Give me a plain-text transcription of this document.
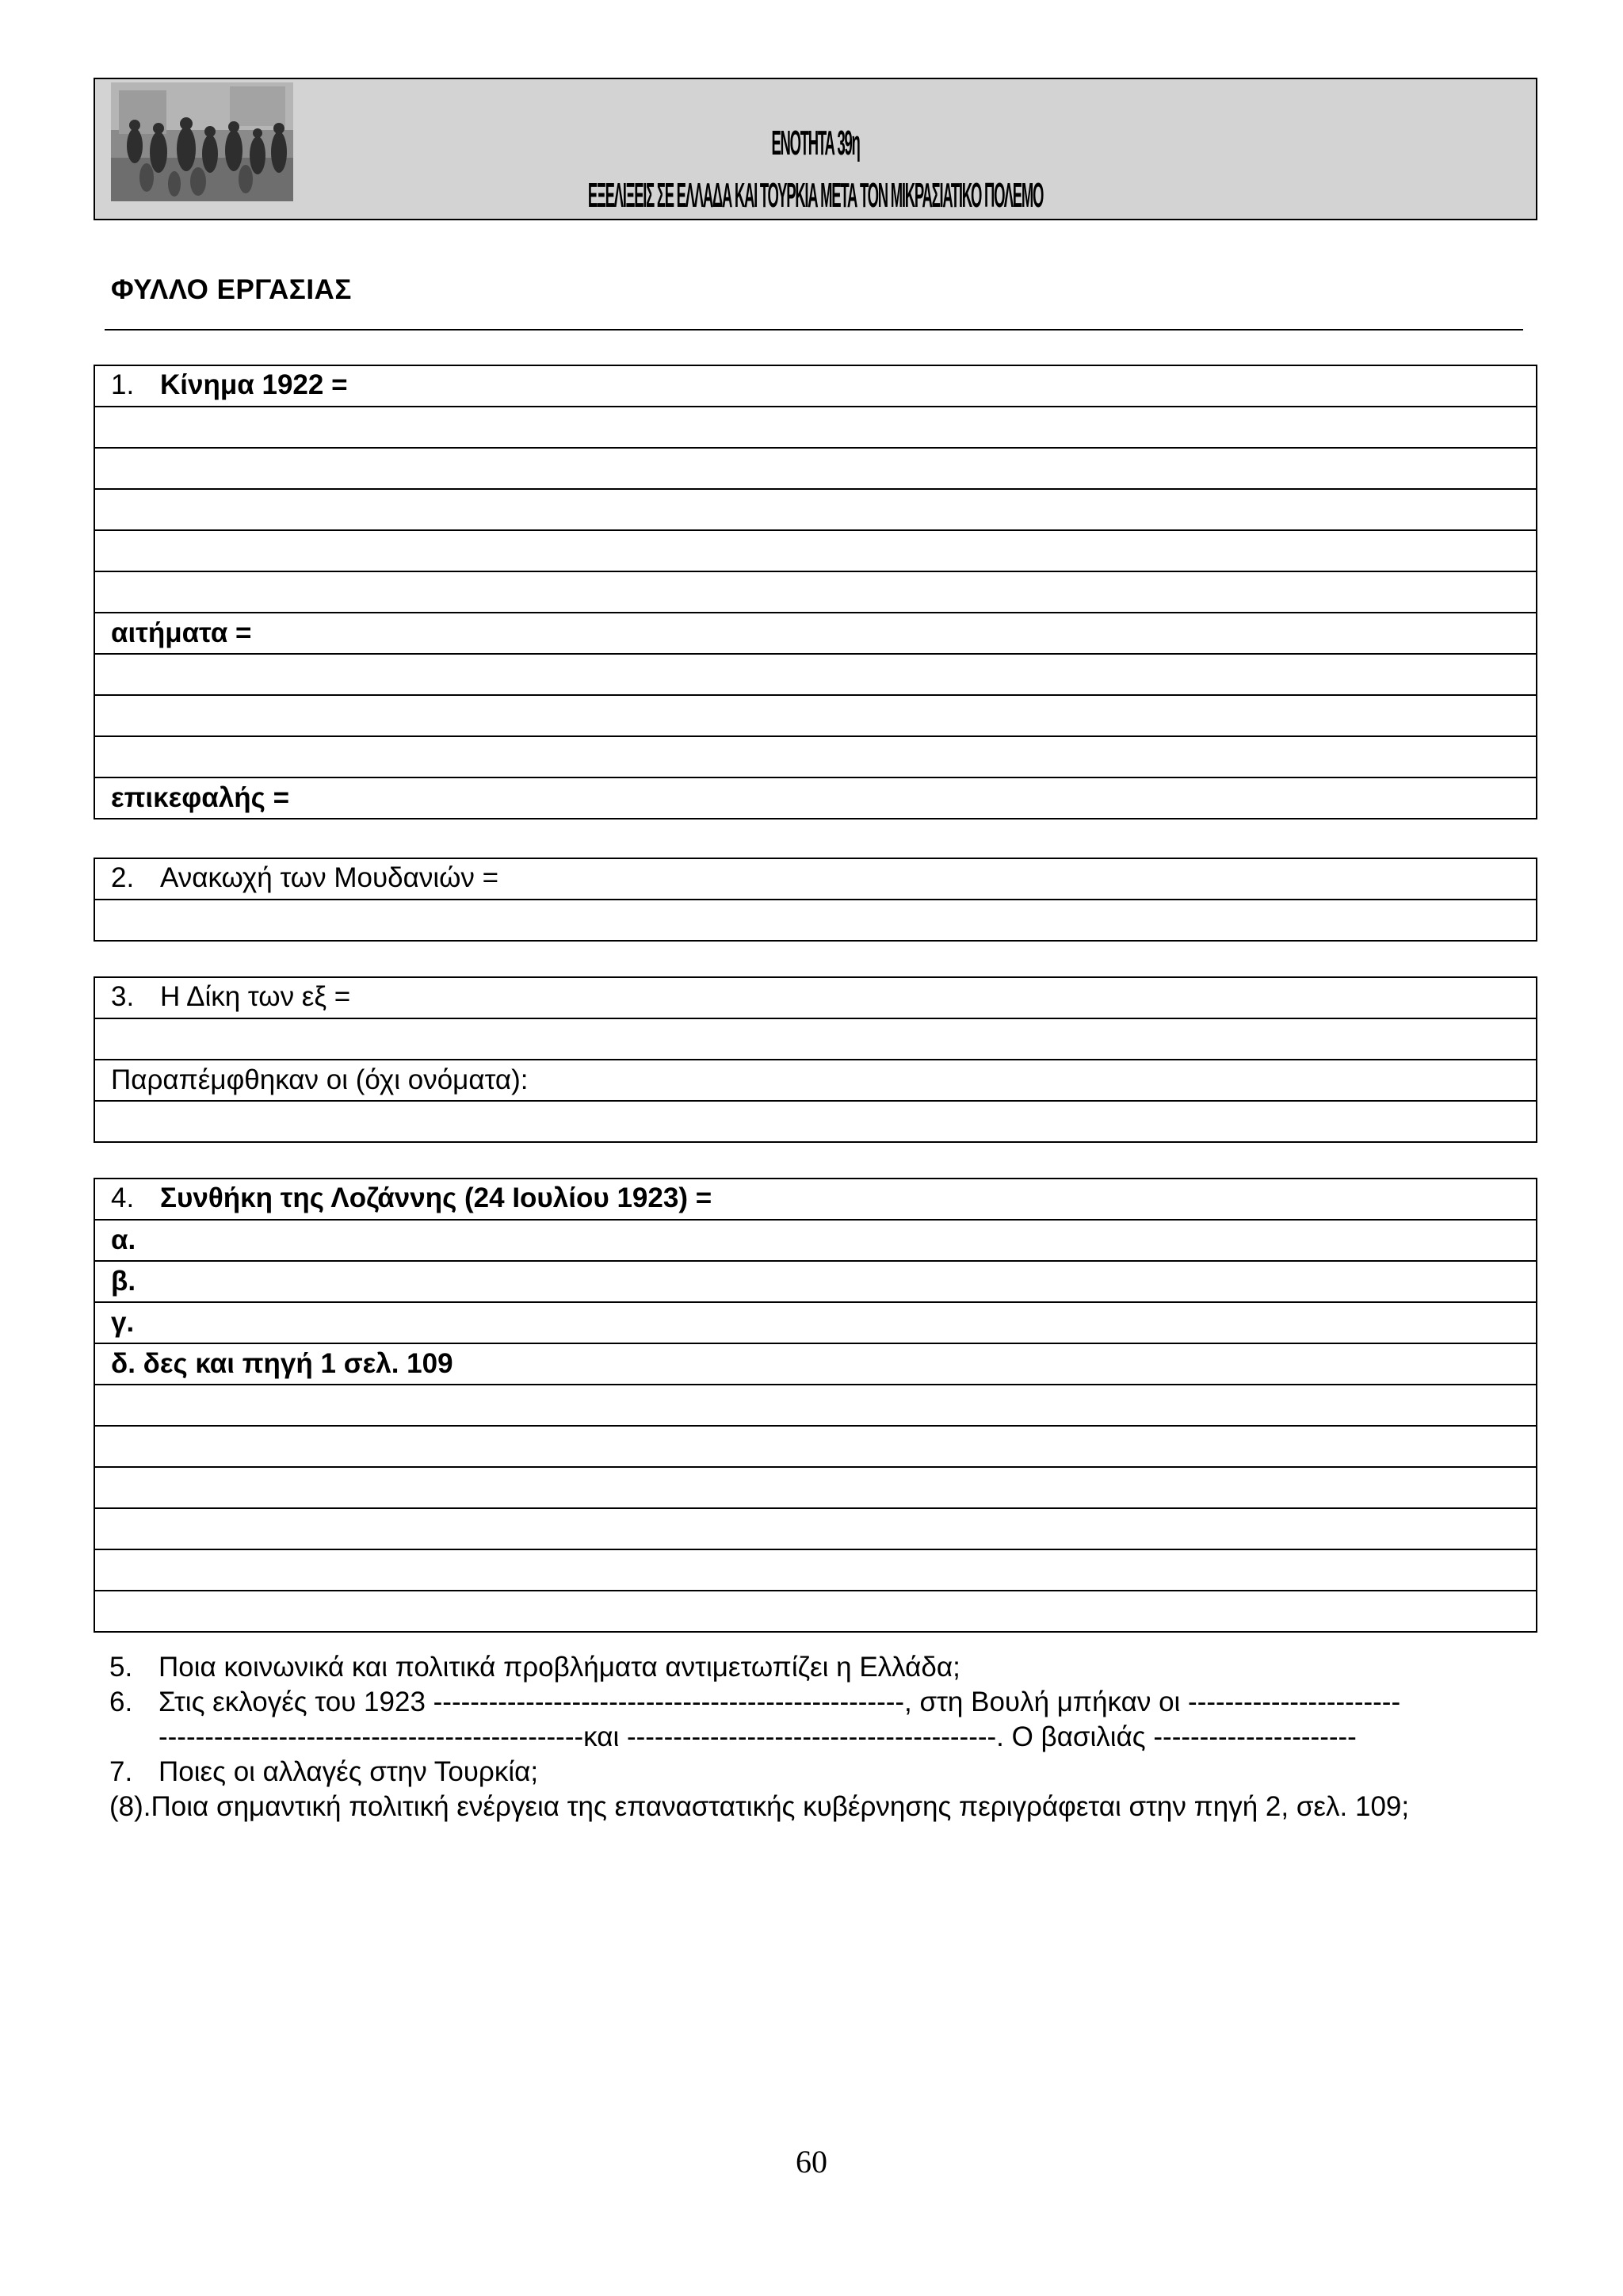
ΕΝΟΤΗΤΑ 39η
ΕΞΕΛΙΞΕΙΣ ΣΕ ΕΛΛΑΔΑ ΚΑΙ ΤΟΥΡΚΙΑ ΜΕΤΑ ΤΟΝ ΜΙΚΡΑΣΙΑΤΙΚΟ ΠΟΛΕΜΟ
ΦΥΛΛΟ ΕΡΓΑΣΙΑΣ
1. Κίνημα 1922 =
αιτήματα =
επικεφαλής =
2. Ανακωχή των Μουδανιών =
3. Η Δίκη των εξ =
Παραπέμφθηκαν οι (όχι ονόματα):
4. Συνθήκη της Λοζάννης (24 Ιουλίου 1923) =
α.
β.
γ.
δ. δες και πηγή 1 σελ. 109
5. Ποια κοινωνικά και πολιτικά προβλήματα αντιμετωπίζει η Ελλάδα;
6. Στις εκλογές του 1923 ---------------------------------------------------, στη Βουλή μπήκαν οι -----------------------
----------------------------------------------και ----------------------------------------. Ο βασιλιάς ----------------------
7. Ποιες οι αλλαγές στην Τουρκία;
(8).Ποια σημαντική πολιτική ενέργεια της επαναστατικής κυβέρνησης περιγράφεται στην πηγή 2, σελ. 109;
60
